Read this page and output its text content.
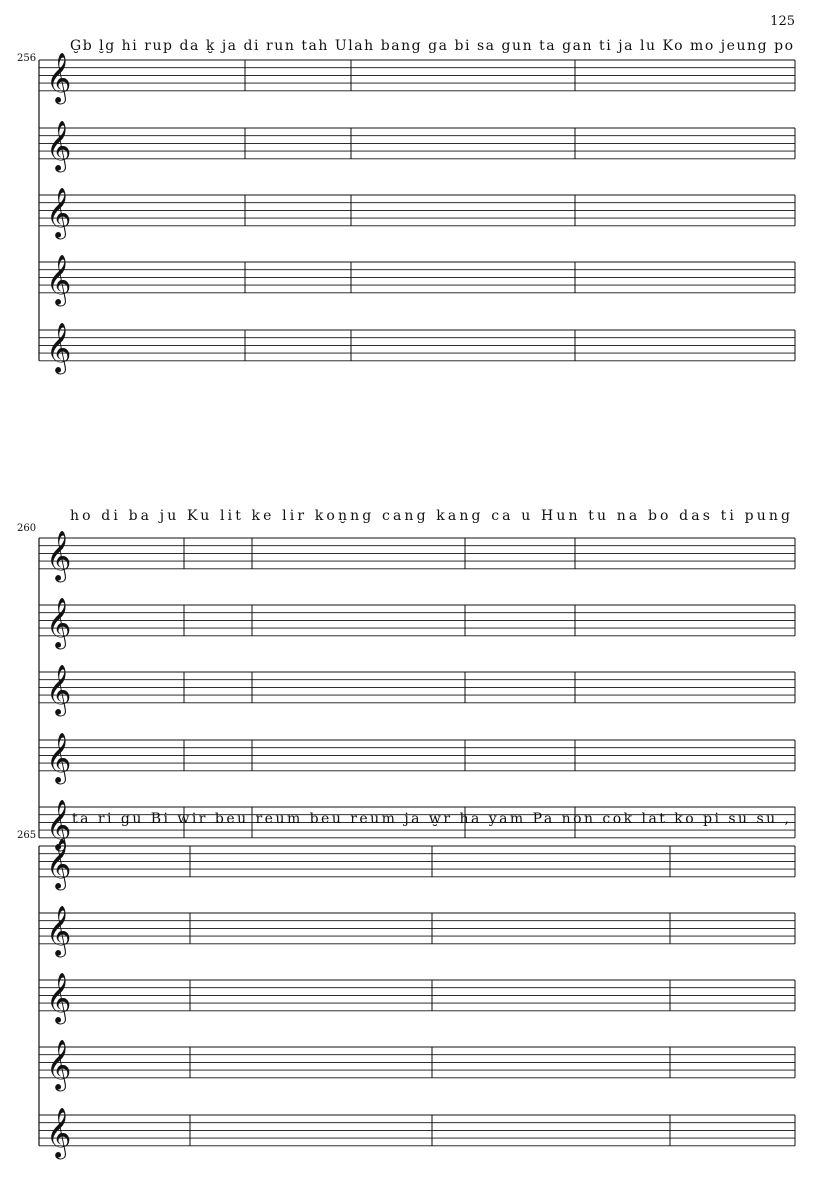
125
256
G̮b l̮g hi rup da k̮ ja di run tah Ulah bang ga bi sa gun ta gan ti ja lu Ko mo jeung po
𝄞
𝄞
𝄞
𝄞
𝄞
260
ho di ba ju Ku lit ke lir kon̮ng cang kang ca u Hun tu na bo das ti pung
𝄞
𝄞
𝄞
𝄞
𝄞
265
ta ri gu Bi wir beu reum beu reum ja w̮r ha yam Pa non cok lat ko pi su su ,
𝄞
𝄞
𝄞
𝄞
𝄞
